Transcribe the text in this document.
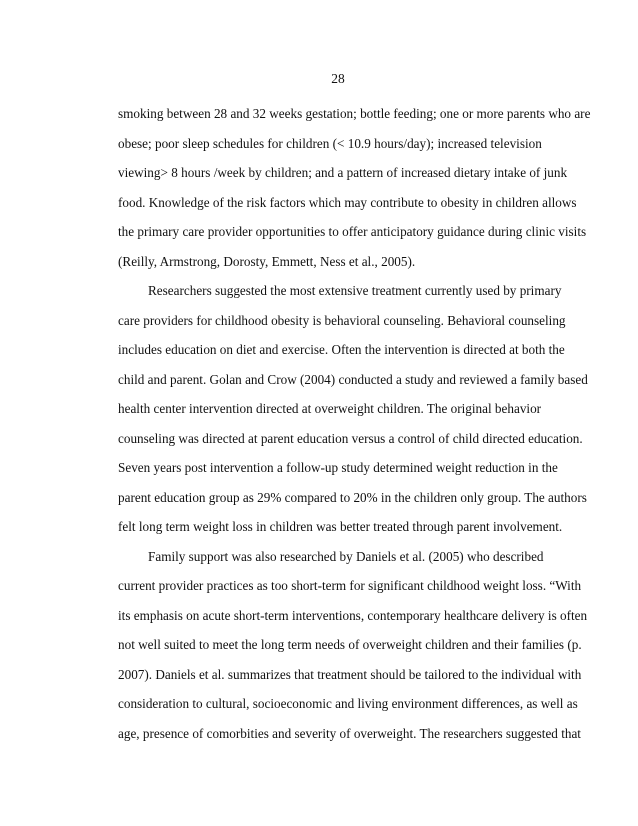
28
smoking between 28 and 32 weeks gestation; bottle feeding; one or more parents who are
obese; poor sleep schedules for children (< 10.9 hours/day); increased television
viewing> 8 hours /week by children; and a pattern of increased dietary intake of junk
food. Knowledge of the risk factors which may contribute to obesity in children allows
the primary care provider opportunities to offer anticipatory guidance during clinic visits
(Reilly, Armstrong, Dorosty, Emmett, Ness et al., 2005).
Researchers suggested the most extensive treatment currently used by primary
care providers for childhood obesity is behavioral counseling. Behavioral counseling
includes education on diet and exercise. Often the intervention is directed at both the
child and parent. Golan and Crow (2004) conducted a study and reviewed a family based
health center intervention directed at overweight children. The original behavior
counseling was directed at parent education versus a control of child directed education.
Seven years post intervention a follow-up study determined weight reduction in the
parent education group as 29% compared to 20% in the children only group. The authors
felt long term weight loss in children was better treated through parent involvement.
Family support was also researched by Daniels et al. (2005) who described
current provider practices as too short-term for significant childhood weight loss. “With
its emphasis on acute short-term interventions, contemporary healthcare delivery is often
not well suited to meet the long term needs of overweight children and their families (p.
2007). Daniels et al. summarizes that treatment should be tailored to the individual with
consideration to cultural, socioeconomic and living environment differences, as well as
age, presence of comorbities and severity of overweight. The researchers suggested that
